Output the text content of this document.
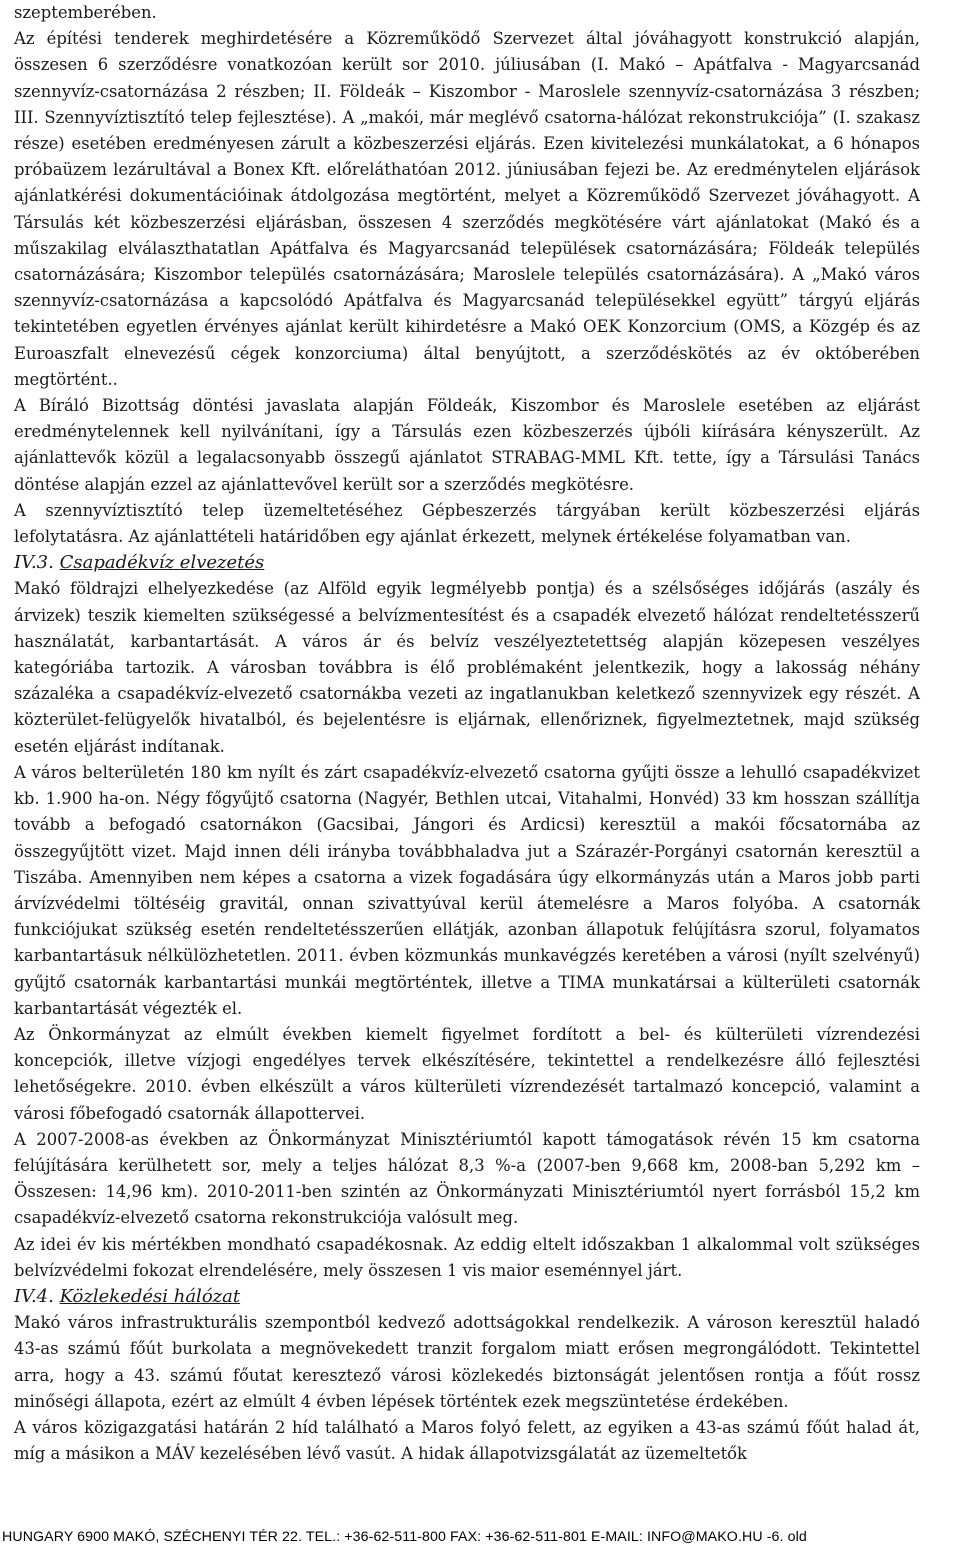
szeptemberében.

Az építési tenderek meghirdetésére a Közreműködő Szervezet által jóváhagyott konstrukció alapján, összesen 6 szerződésre vonatkozóan került sor 2010. júliusában (I. Makó – Apátfalva - Magyarcsanád szennyvíz-csatornázása 2 részben; II. Földeák – Kiszombor - Maroslele szennyvíz-csatornázása 3 részben; III. Szennyvíztisztító telep fejlesztése). A „makói, már meglévő csatorna-hálózat rekonstrukciója” (I. szakasz része) esetében eredményesen zárult a közbeszerzési eljárás. Ezen kivitelezési munkálatokat, a 6 hónapos próbaüzem lezárultával a Bonex Kft. előreláthatóan 2012. júniusában fejezi be. Az eredménytelen eljárások ajánlatkérési dokumentációinak átdolgozása megtörtént, melyet a Közreműködő Szervezet jóváhagyott. A Társulás két közbeszerzési eljárásban, összesen 4 szerződés megkötésére várt ajánlatokat (Makó és a műszakilag elválaszthatatlan Apátfalva és Magyarcsanád települések csatornázására; Földeák település csatornázására; Kiszombor település csatornázására; Maroslele település csatornázására). A „Makó város szennyvíz-csatornázása a kapcsolódó Apátfalva és Magyarcsanád településekkel együtt” tárgyú eljárás tekintetében egyetlen érvényes ajánlat került kihirdetésre a Makó OEK Konzorcium (OMS, a Közgép és az Euroaszfalt elnevezésű cégek konzorciuma) által benyújtott, a szerződéskötés az év októberében megtörtént..

A Bíráló Bizottság döntési javaslata alapján Földeák, Kiszombor és Maroslele esetében az eljárást eredménytelennek kell nyilvánítani, így a Társulás ezen közbeszerzés újbóli kiírására kényszerült. Az ajánlattevők közül a legalacsonyabb összegű ajánlatot STRABAG-MML Kft. tette, így a Társulási Tanács döntése alapján ezzel az ajánlattevővel került sor a szerződés megkötésre.

A szennyvíztisztító telep üzemeltetéséhez Gépbeszerzés tárgyában került közbeszerzési eljárás lefolytatásra. Az ajánlattételi határidőben egy ajánlat érkezett, melynek értékelése folyamatban van.

IV.3. Csapadékvíz elvezetés

Makó földrajzi elhelyezkedése (az Alföld egyik legmélyebb pontja) és a szélsőséges időjárás (aszály és árvizek) teszik kiemelten szükségessé a belvízmentesítést és a csapadék elvezető hálózat rendeltetésszerű használatát, karbantartását. A város ár és belvíz veszélyeztetettség alapján közepesen veszélyes kategóriába tartozik. A városban továbbra is élő problémaként jelentkezik, hogy a lakosság néhány százaléka a csapadékvíz-elvezető csatornákba vezeti az ingatlanukban keletkező szennyvizek egy részét. A közterület-felügyelők hivatalból, és bejelentésre is eljárnak, ellenőriznek, figyelmeztetnek, majd szükség esetén eljárást indítanak.

A város belterületén 180 km nyílt és zárt csapadékvíz-elvezető csatorna gyűjti össze a lehulló csapadékvizet kb. 1.900 ha-on. Négy főgyűjtő csatorna (Nagyér, Bethlen utcai, Vitahalmi, Honvéd) 33 km hosszan szállítja tovább a befogadó csatornákon (Gacsibai, Jángori és Ardicsi) keresztül a makói főcsatornába az összegyűjtött vizet. Majd innen déli irányba továbbhaladva jut a Szárazér-Porgányi csatornán keresztül a Tiszába. Amennyiben nem képes a csatorna a vizek fogadására úgy elkormányzás után a Maros jobb parti árvízvédelmi töltéséig gravitál, onnan szivattyúval kerül átemelésre a Maros folyóba. A csatornák funkciójukat szükség esetén rendeltetésszerűen ellátják, azonban állapotuk felújításra szorul, folyamatos karbantartásuk nélkülözhetetlen. 2011. évben közmunkás munkavégzés keretében a városi (nyílt szelvényű) gyűjtő csatornák karbantartási munkái megtörténtek, illetve a TIMA munkatársai a külterületi csatornák karbantartását végezték el.

Az Önkormányzat az elmúlt években kiemelt figyelmet fordított a bel- és külterületi vízrendezési koncepciók, illetve vízjogi engedélyes tervek elkészítésére, tekintettel a rendelkezésre álló fejlesztési lehetőségekre. 2010. évben elkészült a város külterületi vízrendezését tartalmazó koncepció, valamint a városi főbefogadó csatornák állapottervei.

A 2007-2008-as években az Önkormányzat Minisztériumtól kapott támogatások révén 15 km csatorna felújítására kerülhetett sor, mely a teljes hálózat 8,3 %-a (2007-ben 9,668 km, 2008-ban 5,292 km – Összesen: 14,96 km). 2010-2011-ben szintén az Önkormányzati Minisztériumtól nyert forrásból 15,2 km csapadékvíz-elvezető csatorna rekonstrukciója valósult meg.

Az idei év kis mértékben mondható csapadékosnak. Az eddig eltelt időszakban 1 alkalommal volt szükséges belvízvédelmi fokozat elrendelésére, mely összesen 1 vis maior eseménnyel járt.

IV.4. Közlekedési hálózat

Makó város infrastrukturális szempontból kedvező adottságokkal rendelkezik. A városon keresztül haladó 43-as számú főút burkolata a megnövekedett tranzit forgalom miatt erősen megrongálódott. Tekintettel arra, hogy a 43. számú főutat keresztező városi közlekedés biztonságát jelentősen rontja a főút rossz minőségi állapota, ezért az elmúlt 4 évben lépések történtek ezek megszüntetése érdekében.

A város közigazgatási határán 2 híd található a Maros folyó felett, az egyiken a 43-as számú főút halad át, míg a másikon a MÁV kezelésében lévő vasút. A hidak állapotvizsgálatát az üzemeltetők

HUNGARY 6900 MAKÓ, SZÉCHENYI TÉR 22. TEL.: +36-62-511-800 FAX: +36-62-511-801 E-MAIL: INFO@MAKO.HU -6. old
